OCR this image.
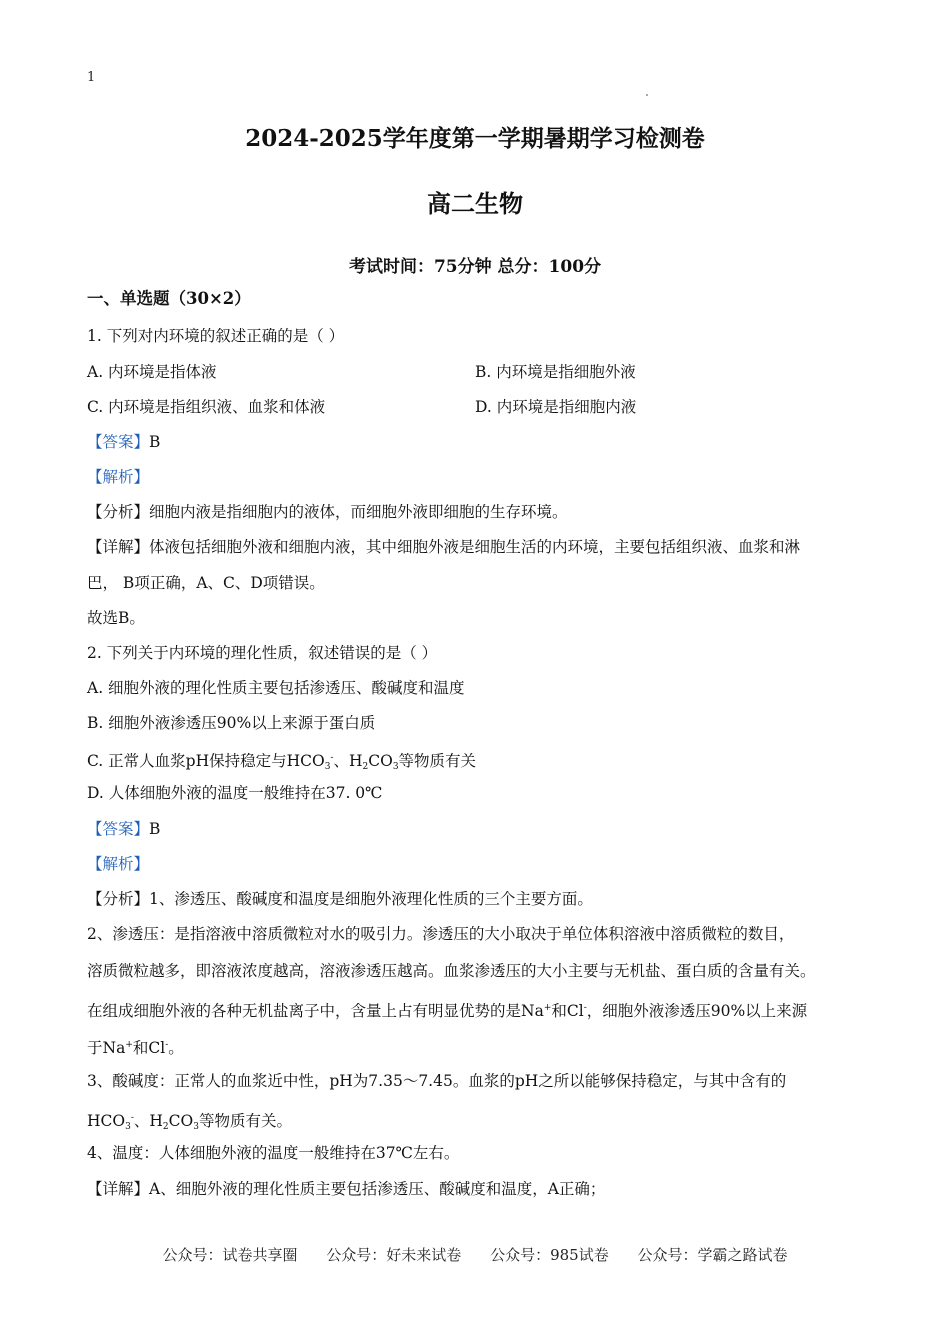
1
2024-2025学年度第一学期暑期学习检测卷
高二生物
考试时间：75分钟 总分：100分
一、单选题（30×2）
1. 下列对内环境的叙述正确的是（ ）
A. 内环境是指体液	B. 内环境是指细胞外液
C. 内环境是指组织液、血浆和体液	D. 内环境是指细胞内液
【答案】B
【解析】
【分析】细胞内液是指细胞内的液体，而细胞外液即细胞的生存环境。
【详解】体液包括细胞外液和细胞内液，其中细胞外液是细胞生活的内环境，主要包括组织液、血浆和淋
巴， B项正确，A、C、D项错误。
故选B。
2. 下列关于内环境的理化性质，叙述错误的是（ ）
A. 细胞外液的理化性质主要包括渗透压、酸碱度和温度
B. 细胞外液渗透压90%以上来源于蛋白质
C. 正常人血浆pH保持稳定与$HCO_3^-$、$H_2CO_3$等物质有关
D. 人体细胞外液的温度一般维持在37. 0℃
【答案】B
【解析】
【分析】1、渗透压、酸碱度和温度是细胞外液理化性质的三个主要方面。
2、渗透压：是指溶液中溶质微粒对水的吸引力。渗透压的大小取决于单位体积溶液中溶质微粒的数目，
溶质微粒越多，即溶液浓度越高，溶液渗透压越高。血浆渗透压的大小主要与无机盐、蛋白质的含量有关。
在组成细胞外液的各种无机盐离子中，含量上占有明显优势的是Na+和Cl-，细胞外液渗透压90%以上来源
于Na+和Cl-。
3、酸碱度：正常人的血浆近中性，pH为7.35～7.45。血浆的pH之所以能够保持稳定，与其中含有的
$HCO_3^-$、$H_2CO_3$等物质有关。
4、温度：人体细胞外液的温度一般维持在37℃左右。
【详解】A、细胞外液的理化性质主要包括渗透压、酸碱度和温度，A正确；
公众号：试卷共享圈 公众号：好未来试卷 公众号：985试卷 公众号：学霸之路试卷
